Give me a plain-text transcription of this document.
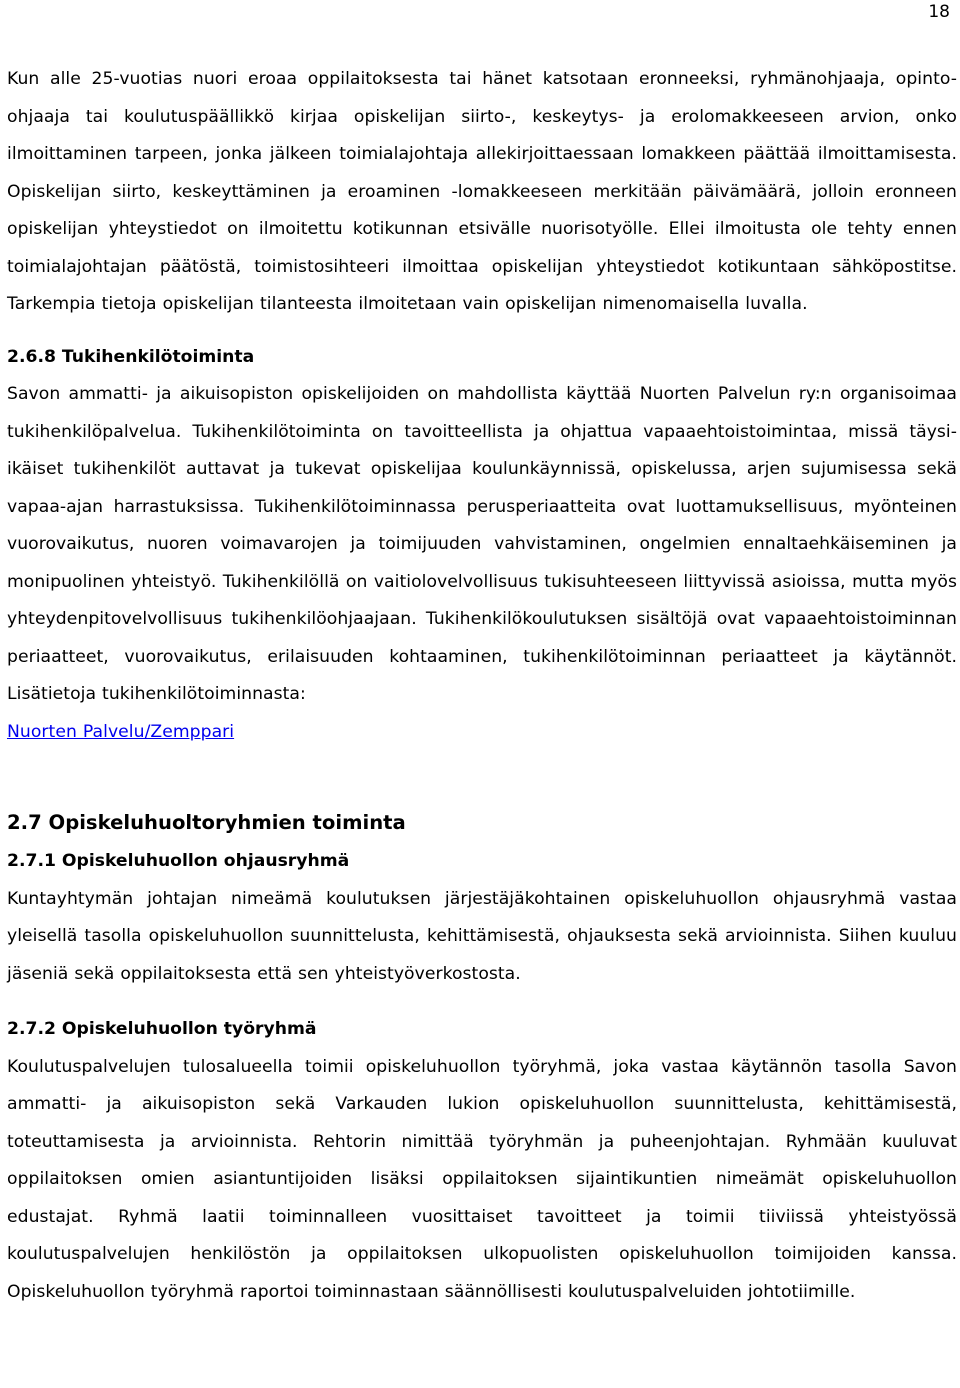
18

Kun alle 25-vuotias nuori eroaa oppilaitoksesta tai hänet katsotaan eronneeksi, ryhmänohjaaja, opinto-ohjaaja tai koulutuspäällikkö kirjaa opiskelijan siirto-, keskeytys- ja erolomakkeeseen arvion, onko ilmoittaminen tarpeen, jonka jälkeen toimialajohtaja allekirjoittaessaan lomakkeen päättää ilmoittamisesta. Opiskelijan siirto, keskeyttäminen ja eroaminen -lomakkeeseen merkitään päivämäärä, jolloin eronneen opiskelijan yhteystiedot on ilmoitettu kotikunnan etsivälle nuorisotyölle. Ellei ilmoitusta ole tehty ennen toimialajohtajan päätöstä, toimistosihteeri ilmoittaa opiskelijan yhteystiedot kotikuntaan sähköpostitse. Tarkempia tietoja opiskelijan tilanteesta ilmoitetaan vain opiskelijan nimenomaisella luvalla.

2.6.8 Tukihenkilötoiminta

Savon ammatti- ja aikuisopiston opiskelijoiden on mahdollista käyttää Nuorten Palvelun ry:n organisoimaa tukihenkilöpalvelua. Tukihenkilötoiminta on tavoitteellista ja ohjattua vapaaehtoistoimintaa, missä täysi-ikäiset tukihenkilöt auttavat ja tukevat opiskelijaa koulunkäynnissä, opiskelussa, arjen sujumisessa sekä vapaa-ajan harrastuksissa. Tukihenkilötoiminnassa perusperiaatteita ovat luottamuksellisuus, myönteinen vuorovaikutus, nuoren voimavarojen ja toimijuuden vahvistaminen, ongelmien ennaltaehkäiseminen ja monipuolinen yhteistyö. Tukihenkilöllä on vaitiolovelvollisuus tukisuhteeseen liittyvissä asioissa, mutta myös yhteydenpitovelvollisuus tukihenkilöohjaajaan. Tukihenkilökoulutuksen sisältöjä ovat vapaaehtoistoiminnan periaatteet, vuorovaikutus, erilaisuuden kohtaaminen, tukihenkilötoiminnan periaatteet ja käytännöt. Lisätietoja tukihenkilötoiminnasta:
Nuorten Palvelu/Zemppari

2.7 Opiskeluhuoltoryhmien toiminta
2.7.1 Opiskeluhuollon ohjausryhmä

Kuntayhtymän johtajan nimeämä koulutuksen järjestäjäkohtainen opiskeluhuollon ohjausryhmä vastaa yleisellä tasolla opiskeluhuollon suunnittelusta, kehittämisestä, ohjauksesta sekä arvioinnista. Siihen kuuluu jäseniä sekä oppilaitoksesta että sen yhteistyöverkostosta.

2.7.2 Opiskeluhuollon työryhmä

Koulutuspalvelujen tulosalueella toimii opiskeluhuollon työryhmä, joka vastaa käytännön tasolla Savon ammatti- ja aikuisopiston sekä Varkauden lukion opiskeluhuollon suunnittelusta, kehittämisestä, toteuttamisesta ja arvioinnista. Rehtorin nimittää työryhmän ja puheenjohtajan. Ryhmään kuuluvat oppilaitoksen omien asiantuntijoiden lisäksi oppilaitoksen sijaintikuntien nimeämät opiskeluhuollon edustajat. Ryhmä laatii toiminnalleen vuosittaiset tavoitteet ja toimii tiiviissä yhteistyössä koulutuspalvelujen henkilöstön ja oppilaitoksen ulkopuolisten opiskeluhuollon toimijoiden kanssa. Opiskeluhuollon työryhmä raportoi toiminnastaan säännöllisesti koulutuspalveluiden johtotiimille.
